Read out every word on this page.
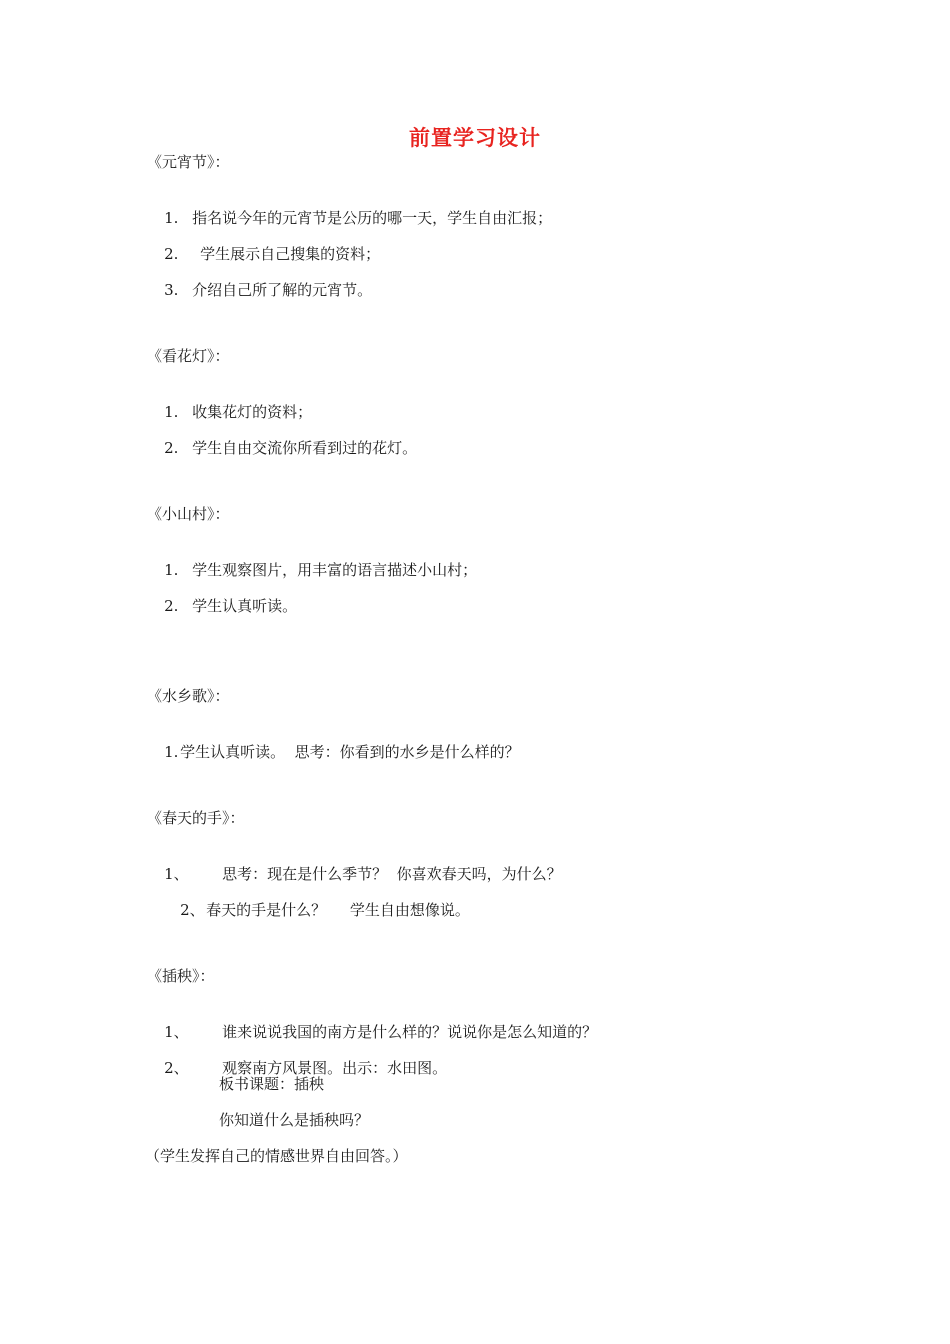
前置学习设计
《元宵节》：

1. 指名说今年的元宵节是公历的哪一天，学生自由汇报；

2. 学生展示自己搜集的资料；

3. 介绍自己所了解的元宵节。

《看花灯》：

1. 收集花灯的资料；

2. 学生自由交流你所看到过的花灯。

《小山村》：

1. 学生观察图片，用丰富的语言描述小山村；

2. 学生认真听读。

《水乡歌》：

1. 学生认真听读。  思考：你看到的水乡是什么样的？

《春天的手》：

1、 思考：现在是什么季节？  你喜欢春天吗，为什么？

2、春天的手是什么？     学生自由想像说。

《插秧》：

1、 谁来说说我国的南方是什么样的？说说你是怎么知道的？

2、 观察南方风景图。出示：水田图。

板书课题：插秧
你知道什么是插秧吗？
（学生发挥自己的情感世界自由回答。）
